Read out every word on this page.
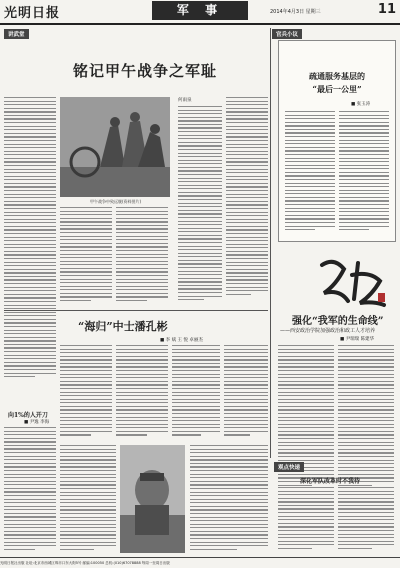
光明日报	军 事	2014年4月3日 星期三	11
讲武堂	官兵小议
铭记甲午战争之军耻
甲午战争中致远舰(资料图片)
何雨泉
疏通服务基层的
“最后一公里”
■ 张玉涛
强化“我军的生命线”
——西安政治学院加强政治和政工人才培养
■ 尹瑞瑞 陈建华
“海归”中士潘孔彬
■ 李 斌 王 悦 卓丽杰
向1%的人开刀
■ 尹逸 李海
观点快递
深化军队改革时不我待
光明日报社出版 社址:北京市西城区珠市口东大街5号 邮编:100050 总机:(010)67078888 每周一至周日出版
